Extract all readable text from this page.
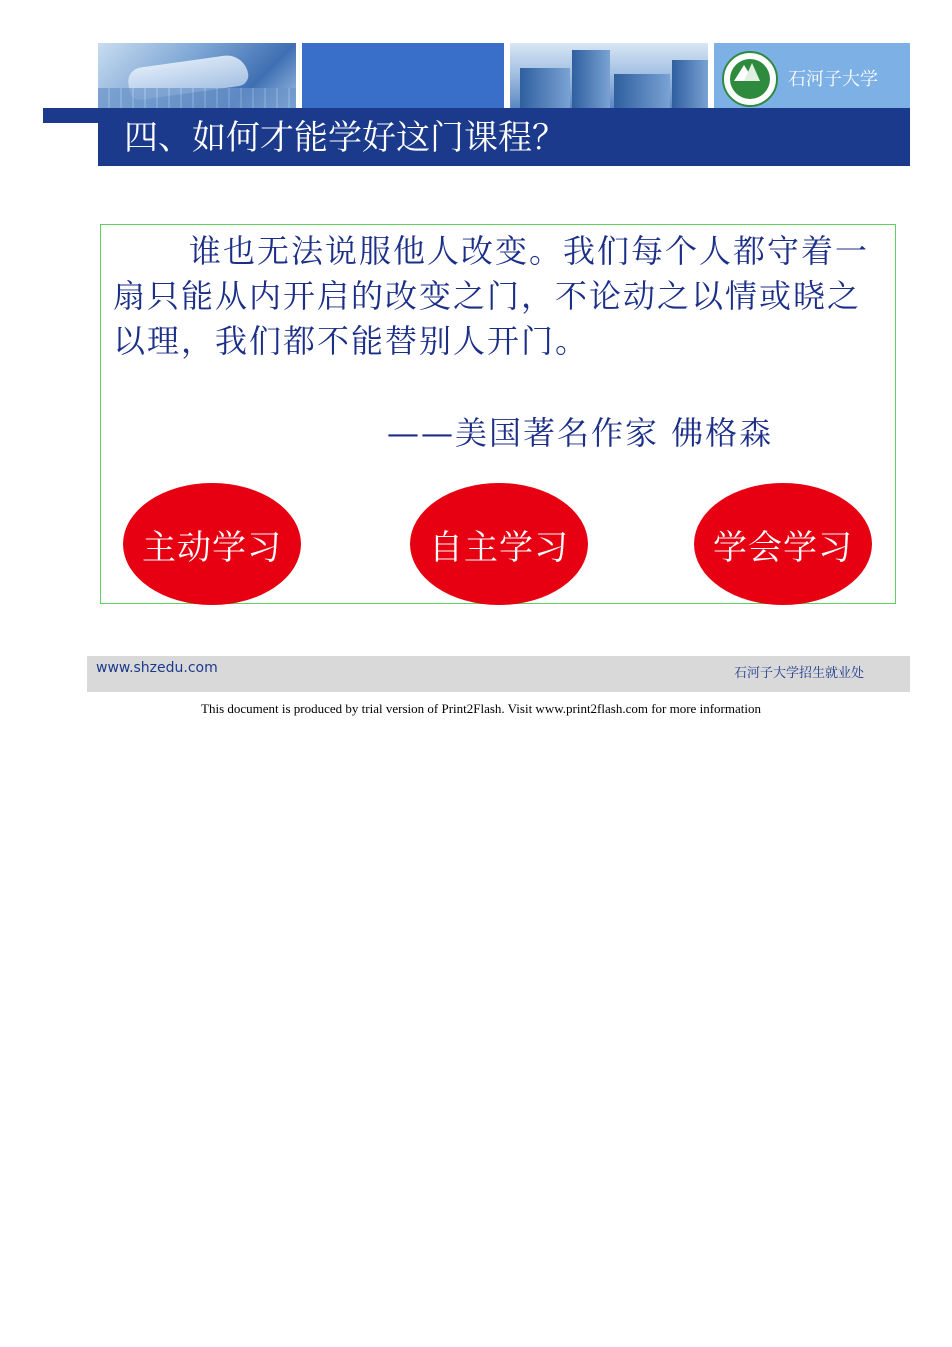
石河子大学
四、如何才能学好这门课程？
谁也无法说服他人改变。我们每个人都守着一扇只能从内开启的改变之门，不论动之以情或晓之以理，我们都不能替别人开门。
——美国著名作家 佛格森
主动学习	自主学习	学会学习
www.shzedu.com	石河子大学招生就业处
This document is produced by trial version of Print2Flash. Visit www.print2flash.com for more information
